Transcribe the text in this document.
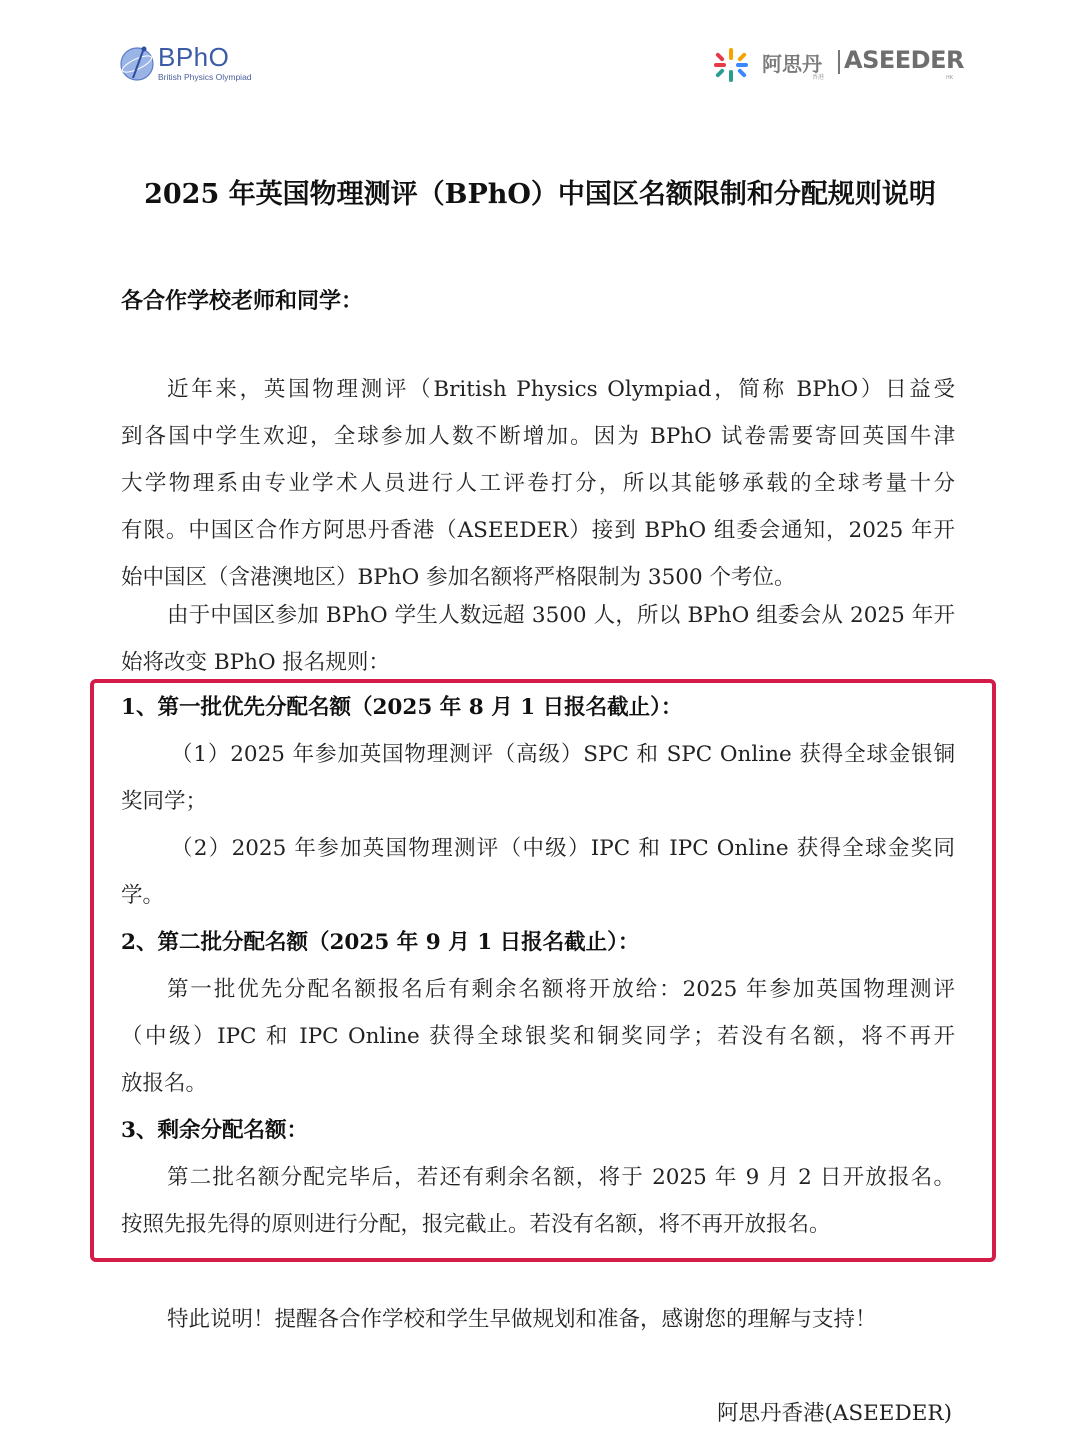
BPhO
British Physics Olympiad
阿思丹
香港
ASEEDER
HK
2025 年英国物理测评（BPhO）中国区名额限制和分配规则说明
各合作学校老师和同学：
近年来，英国物理测评（British Physics Olympiad，简称 BPhO）日益受
到各国中学生欢迎，全球参加人数不断增加。因为 BPhO 试卷需要寄回英国牛津
大学物理系由专业学术人员进行人工评卷打分，所以其能够承载的全球考量十分
有限。中国区合作方阿思丹香港（ASEEDER）接到 BPhO 组委会通知，2025 年开
始中国区（含港澳地区）BPhO 参加名额将严格限制为 3500 个考位。
由于中国区参加 BPhO 学生人数远超 3500 人，所以 BPhO 组委会从 2025 年开
始将改变 BPhO 报名规则：
1、第一批优先分配名额（2025 年 8 月 1 日报名截止）：
（1）2025 年参加英国物理测评（高级）SPC 和 SPC Online 获得全球金银铜
奖同学；
（2）2025 年参加英国物理测评（中级）IPC 和 IPC Online 获得全球金奖同
学。
2、第二批分配名额（2025 年 9 月 1 日报名截止）：
第一批优先分配名额报名后有剩余名额将开放给：2025 年参加英国物理测评
（中级）IPC 和 IPC Online 获得全球银奖和铜奖同学；若没有名额，将不再开
放报名。
3、剩余分配名额：
第二批名额分配完毕后，若还有剩余名额，将于 2025 年 9 月 2 日开放报名。
按照先报先得的原则进行分配，报完截止。若没有名额，将不再开放报名。
特此说明！提醒各合作学校和学生早做规划和准备，感谢您的理解与支持！
阿思丹香港(ASEEDER)
